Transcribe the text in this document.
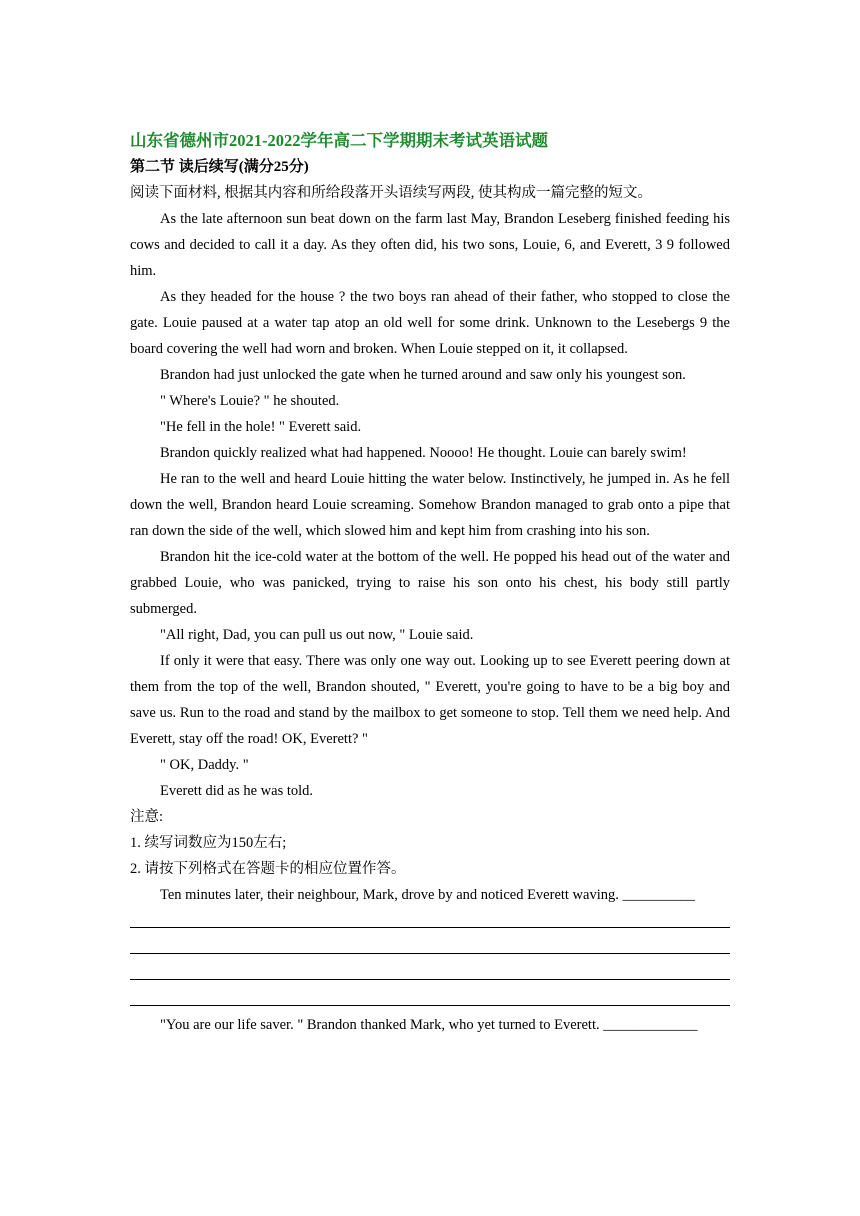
山东省德州市2021-2022学年高二下学期期末考试英语试题
第二节 读后续写(满分25分)
阅读下面材料, 根据其内容和所给段落开头语续写两段, 使其构成一篇完整的短文。
As the late afternoon sun beat down on the farm last May, Brandon Leseberg finished feeding his cows and decided to call it a day. As they often did, his two sons, Louie, 6, and Everett, 3 9 followed him.
As they headed for the house ? the two boys ran ahead of their father, who stopped to close the gate. Louie paused at a water tap atop an old well for some drink. Unknown to the Lesebergs 9 the board covering the well had worn and broken. When Louie stepped on it, it collapsed.
Brandon had just unlocked the gate when he turned around and saw only his youngest son.
" Where's Louie? " he shouted.
"He fell in the hole! " Everett said.
Brandon quickly realized what had happened. Noooo! He thought. Louie can barely swim!
He ran to the well and heard Louie hitting the water below. Instinctively, he jumped in. As he fell down the well, Brandon heard Louie screaming. Somehow Brandon managed to grab onto a pipe that ran down the side of the well, which slowed him and kept him from crashing into his son.
Brandon hit the ice-cold water at the bottom of the well. He popped his head out of the water and grabbed Louie, who was panicked, trying to raise his son onto his chest, his body still partly submerged.
"All right, Dad, you can pull us out now, " Louie said.
If only it were that easy. There was only one way out. Looking up to see Everett peering down at them from the top of the well, Brandon shouted, " Everett, you're going to have to be a big boy and save us. Run to the road and stand by the mailbox to get someone to stop. Tell them we need help. And Everett, stay off the road! OK, Everett? "
" OK, Daddy. "
Everett did as he was told.
注意:
1. 续写词数应为150左右;
2. 请按下列格式在答题卡的相应位置作答。
Ten minutes later, their neighbour, Mark, drove by and noticed Everett waving. __________
"You are our life saver. " Brandon thanked Mark, who yet turned to Everett. _____________
